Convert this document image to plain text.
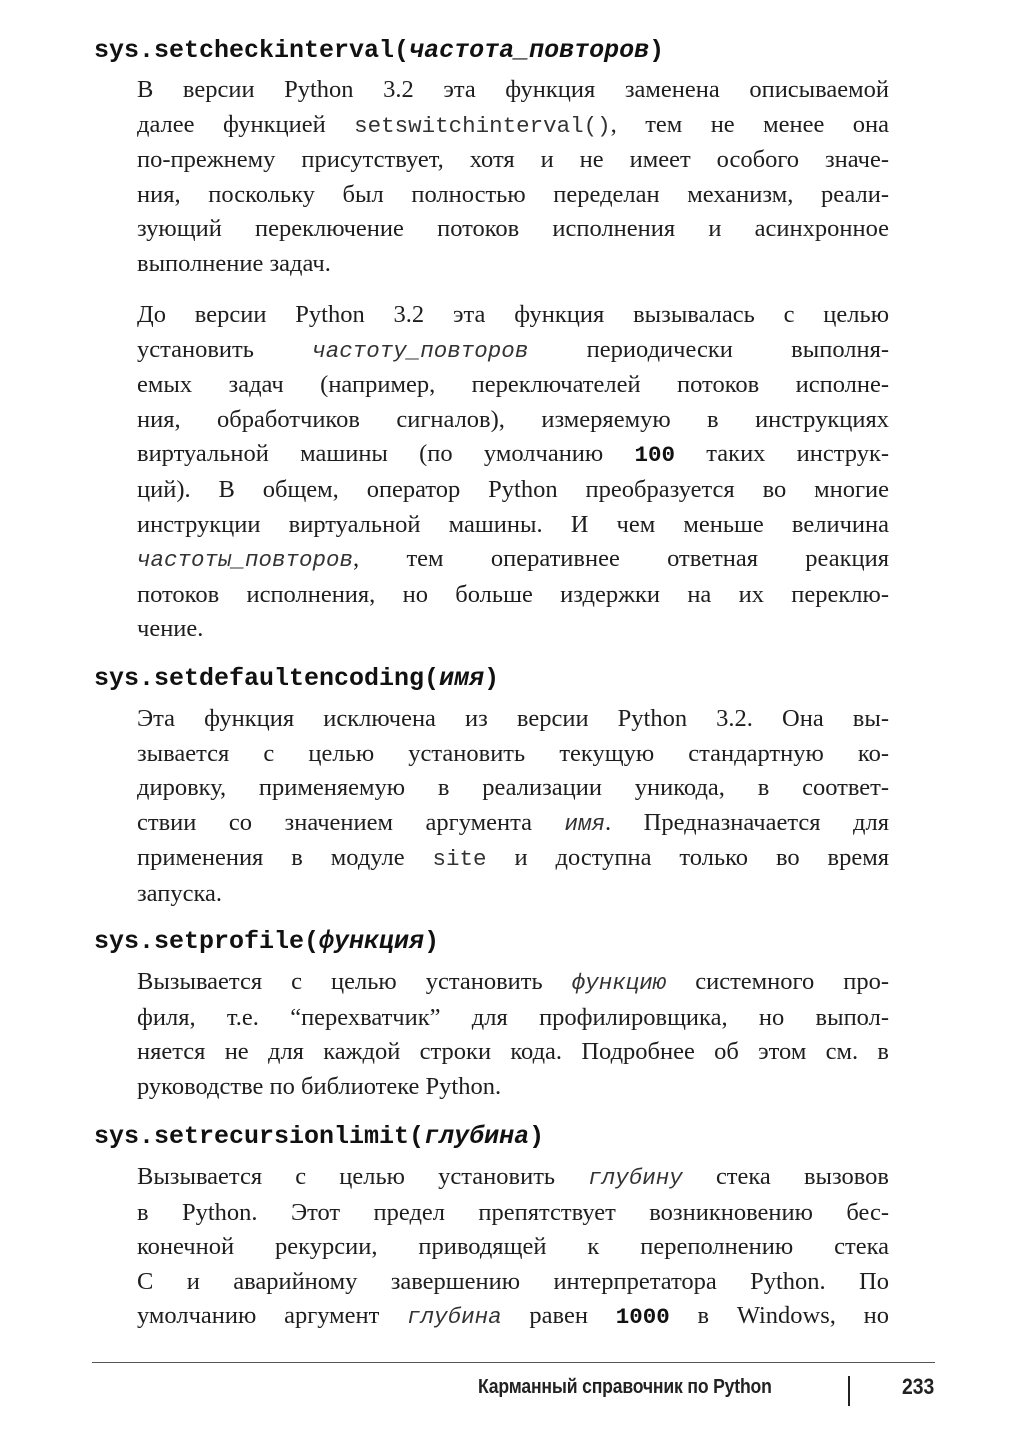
sys.setcheckinterval(частота_повторов)
В версии Python 3.2 эта функция заменена описываемой
далее функцией setswitchinterval(), тем не менее она
по-прежнему присутствует, хотя и не имеет особого значе-
ния, поскольку был полностью переделан механизм, реали-
зующий переключение потоков исполнения и асинхронное
выполнение задач.
До версии Python 3.2 эта функция вызывалась с целью
установить	частоту_повторов периодически выполня-
емых задач (например, переключателей потоков исполне-
ния, обработчиков сигналов), измеряемую в инструкциях
виртуальной машины (по умолчанию 100 таких инструк-
ций). В общем, оператор Python преобразуется во многие
инструкции виртуальной машины. И чем меньше величина
частоты_повторов, тем оперативнее ответная реакция
потоков исполнения, но больше издержки на их переклю-
чение.
sys.setdefaultencoding(имя)
Эта функция исключена из версии Python 3.2. Она вы-
зывается с целью установить текущую стандартную ко-
дировку, применяемую в реализации уникода, в соответ-
ствии со значением аргумента имя. Предназначается для
применения в модуле site и доступна только во время
запуска.
sys.setprofile(функция)
Вызывается с целью установить функцию системного про-
филя, т.е. “перехватчик” для профилировщика, но выпол-
няется не для каждой строки кода. Подробнее об этом см. в
руководстве по библиотеке Python.
sys.setrecursionlimit(глубина)
Вызывается с целью установить глубину стека вызовов
в Python. Этот предел препятствует возникновению бес-
конечной рекурсии, приводящей к переполнению стека
C и аварийному завершению интерпретатора Python. По
умолчанию аргумент глубина равен 1000 в Windows, но
Карманный справочник по Python	233
